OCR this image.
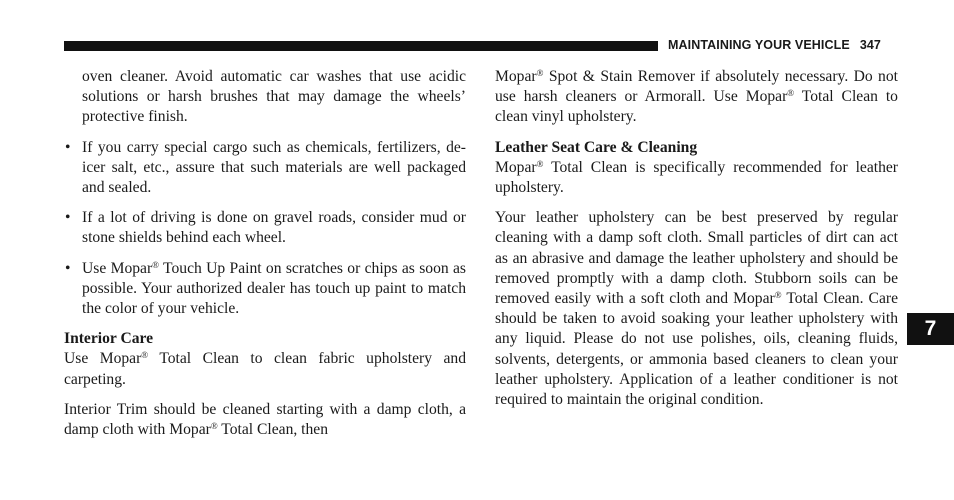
MAINTAINING YOUR VEHICLE 347

oven cleaner. Avoid automatic car washes that use acidic solutions or harsh brushes that may damage the wheels’ protective finish.

• If you carry special cargo such as chemicals, fertilizers, de-icer salt, etc., assure that such materials are well packaged and sealed.
• If a lot of driving is done on gravel roads, consider mud or stone shields behind each wheel.
• Use Mopar® Touch Up Paint on scratches or chips as soon as possible. Your authorized dealer has touch up paint to match the color of your vehicle.
Interior Care

Use Mopar® Total Clean to clean fabric upholstery and carpeting.

Interior Trim should be cleaned starting with a damp cloth, a damp cloth with Mopar® Total Clean, then

Mopar® Spot & Stain Remover if absolutely necessary. Do not use harsh cleaners or Armorall. Use Mopar® Total Clean to clean vinyl upholstery.

Leather Seat Care & Cleaning

Mopar® Total Clean is specifically recommended for leather upholstery.

Your leather upholstery can be best preserved by regular cleaning with a damp soft cloth. Small particles of dirt can act as an abrasive and damage the leather upholstery and should be removed promptly with a damp cloth. Stubborn soils can be removed easily with a soft cloth and Mopar® Total Clean. Care should be taken to avoid soaking your leather upholstery with any liquid. Please do not use polishes, oils, cleaning fluids, solvents, detergents, or ammonia based cleaners to clean your leather upholstery. Application of a leather conditioner is not required to maintain the original condition.

7
